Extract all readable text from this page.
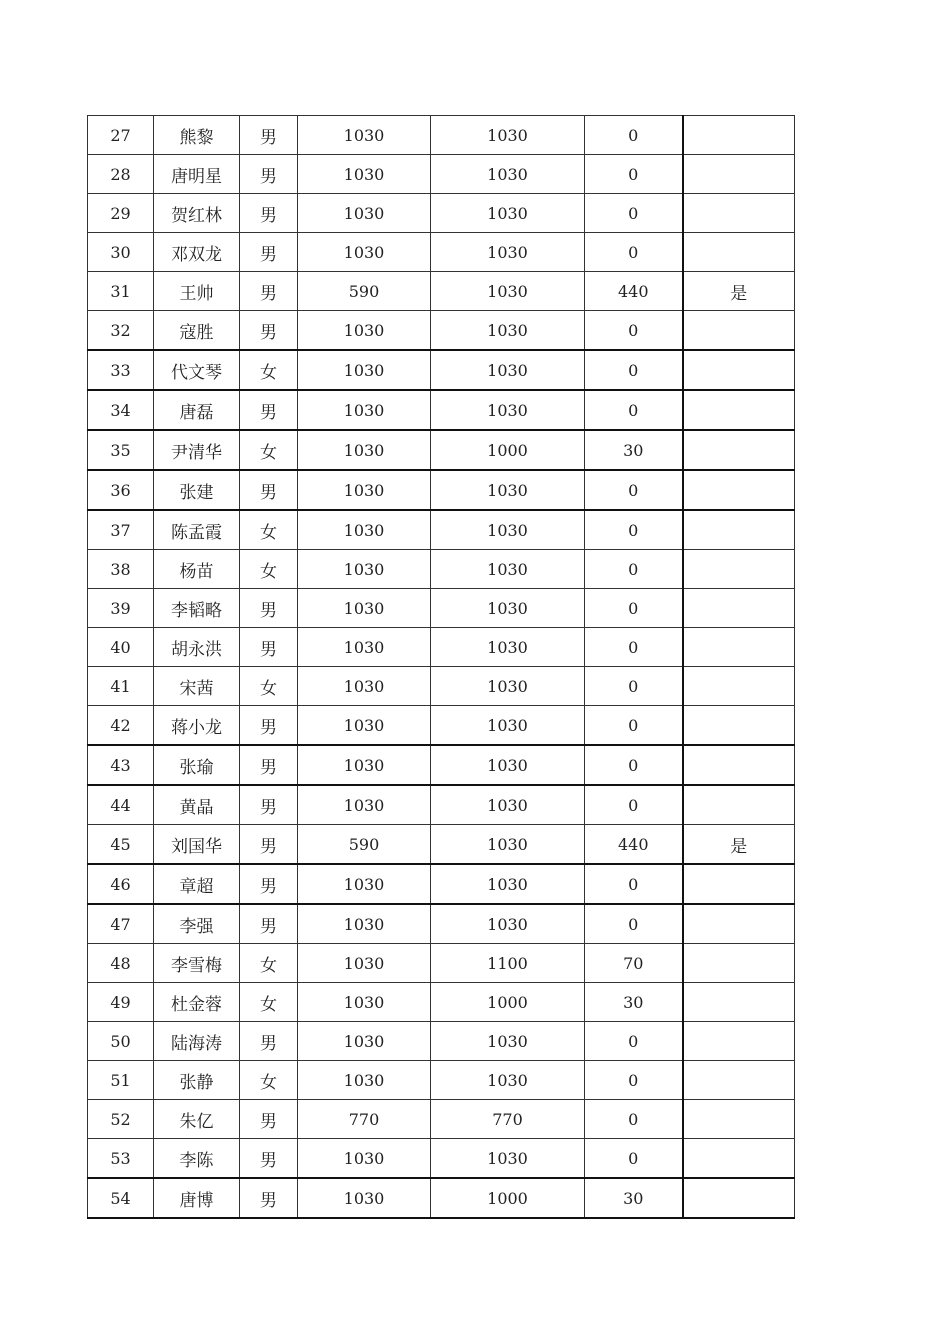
27	熊黎	男	1030	1030	0	
28	唐明星	男	1030	1030	0	
29	贺红林	男	1030	1030	0	
30	邓双龙	男	1030	1030	0	
31	王帅	男	590	1030	440	是
32	寇胜	男	1030	1030	0	
33	代文琴	女	1030	1030	0	
34	唐磊	男	1030	1030	0	
35	尹清华	女	1030	1000	30	
36	张建	男	1030	1030	0	
37	陈孟霞	女	1030	1030	0	
38	杨苗	女	1030	1030	0	
39	李韬略	男	1030	1030	0	
40	胡永洪	男	1030	1030	0	
41	宋茜	女	1030	1030	0	
42	蒋小龙	男	1030	1030	0	
43	张瑜	男	1030	1030	0	
44	黄晶	男	1030	1030	0	
45	刘国华	男	590	1030	440	是
46	章超	男	1030	1030	0	
47	李强	男	1030	1030	0	
48	李雪梅	女	1030	1100	70	
49	杜金蓉	女	1030	1000	30	
50	陆海涛	男	1030	1030	0	
51	张静	女	1030	1030	0	
52	朱亿	男	770	770	0	
53	李陈	男	1030	1030	0	
54	唐博	男	1030	1000	30	
